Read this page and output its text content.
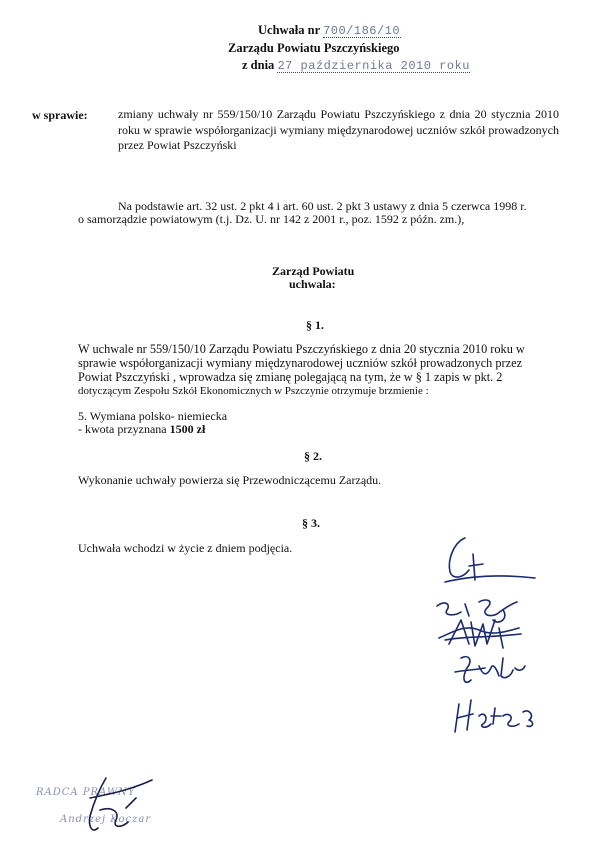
Uchwała nr 700/186/10
Zarządu Powiatu Pszczyńskiego
z dnia 27 października 2010 roku
w sprawie:	zmiany uchwały nr 559/150/10 Zarządu Powiatu Pszczyńskiego z dnia 20 stycznia 2010 roku w sprawie współorganizacji wymiany międzynarodowej uczniów szkół prowadzonych przez Powiat Pszczyński
Na podstawie art. 32 ust. 2 pkt 4 i art. 60 ust. 2 pkt 3 ustawy z dnia 5 czerwca 1998 r.
o samorządzie powiatowym (t.j. Dz. U. nr 142 z 2001 r., poz. 1592 z późn. zm.),
Zarząd Powiatu
uchwala:
§ 1.
W uchwale nr 559/150/10 Zarządu Powiatu Pszczyńskiego z dnia 20 stycznia 2010 roku w
sprawie współorganizacji wymiany międzynarodowej uczniów szkół prowadzonych przez
Powiat Pszczyński , wprowadza się zmianę polegającą na tym, że w § 1 zapis w pkt. 2
dotyczącym Zespołu Szkół Ekonomicznych w Pszczynie otrzymuje brzmienie :
5. Wymiana polsko- niemiecka
- kwota przyznana 1500 zł
§ 2.
Wykonanie uchwały powierza się Przewodniczącemu Zarządu.
§ 3.
Uchwała wchodzi w życie z dniem podjęcia.
RADCA PRAWNY
Andrzej Koczar
